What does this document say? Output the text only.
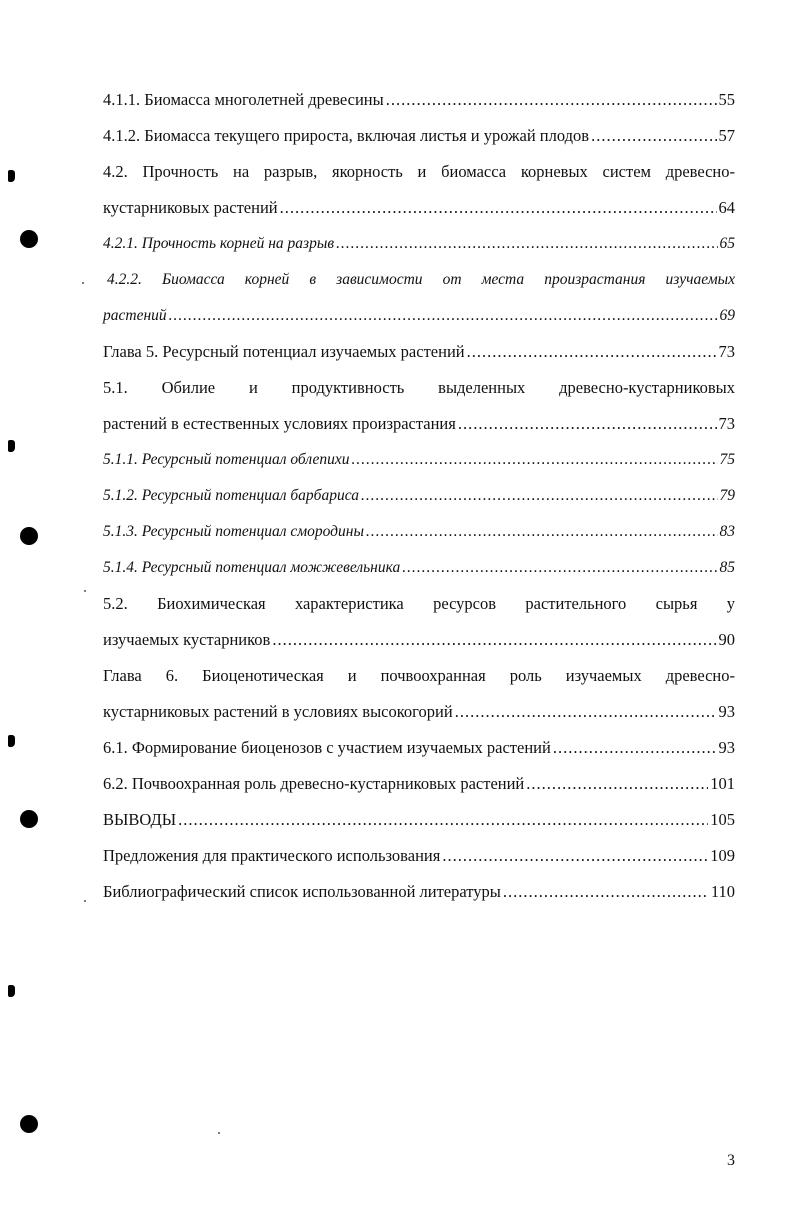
4.1.1. Биомасса многолетней древесины .....	55
4.1.2. Биомасса текущего прироста, включая листья и урожай плодов .....	57
4.2. Прочность на разрыв, якорность и биомасса корневых систем древесно-
кустарниковых растений .....	64
4.2.1. Прочность корней на разрыв .....	65
4.2.2. Биомасса корней в зависимости от места произрастания изучаемых
растений .....	69
Глава 5. Ресурсный потенциал изучаемых растений .....	73
5.1. Обилие и продуктивность выделенных древесно-кустарниковых
растений в естественных условиях произрастания .....	73
5.1.1. Ресурсный потенциал облепихи .....	75
5.1.2. Ресурсный потенциал барбариса .....	79
5.1.3. Ресурсный потенциал смородины .....	83
5.1.4. Ресурсный потенциал можжевельника .....	85
5.2. Биохимическая характеристика ресурсов растительного сырья у
изучаемых кустарников .....	90
Глава 6. Биоценотическая и почвоохранная роль изучаемых древесно-
кустарниковых растений в условиях высокогорий .....	93
6.1. Формирование биоценозов с участием изучаемых растений .....	93
6.2. Почвоохранная роль древесно-кустарниковых растений .....	101
ВЫВОДЫ .....	105
Предложения для практического использования .....	109
Библиографический список использованной литературы .....	110
3
